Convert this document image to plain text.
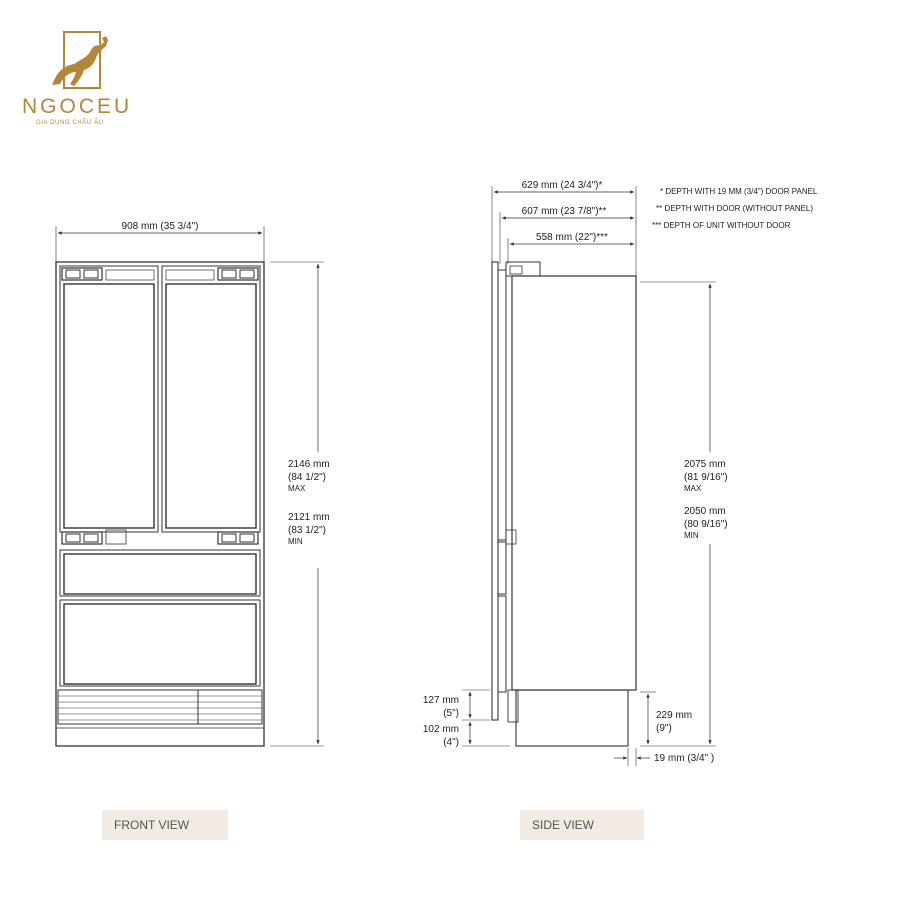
NGOCEU
GIA DỤNG CHÂU ÂU
908 mm (35 3/4")
2146 mm
(84 1/2")
MAX
2121 mm
(83 1/2")
MIN
629 mm (24 3/4")*
607 mm (23 7/8")**
558 mm (22")***
* DEPTH WITH 19 MM (3/4") DOOR PANEL
** DEPTH WITH DOOR (WITHOUT PANEL)
*** DEPTH OF UNIT WITHOUT DOOR
2075 mm
(81 9/16")
MAX
2050 mm
(80 9/16")
MIN
127 mm
(5")
102 mm
(4")
229 mm
(9")
19 mm (3/4" )
FRONT VIEW	SIDE VIEW
